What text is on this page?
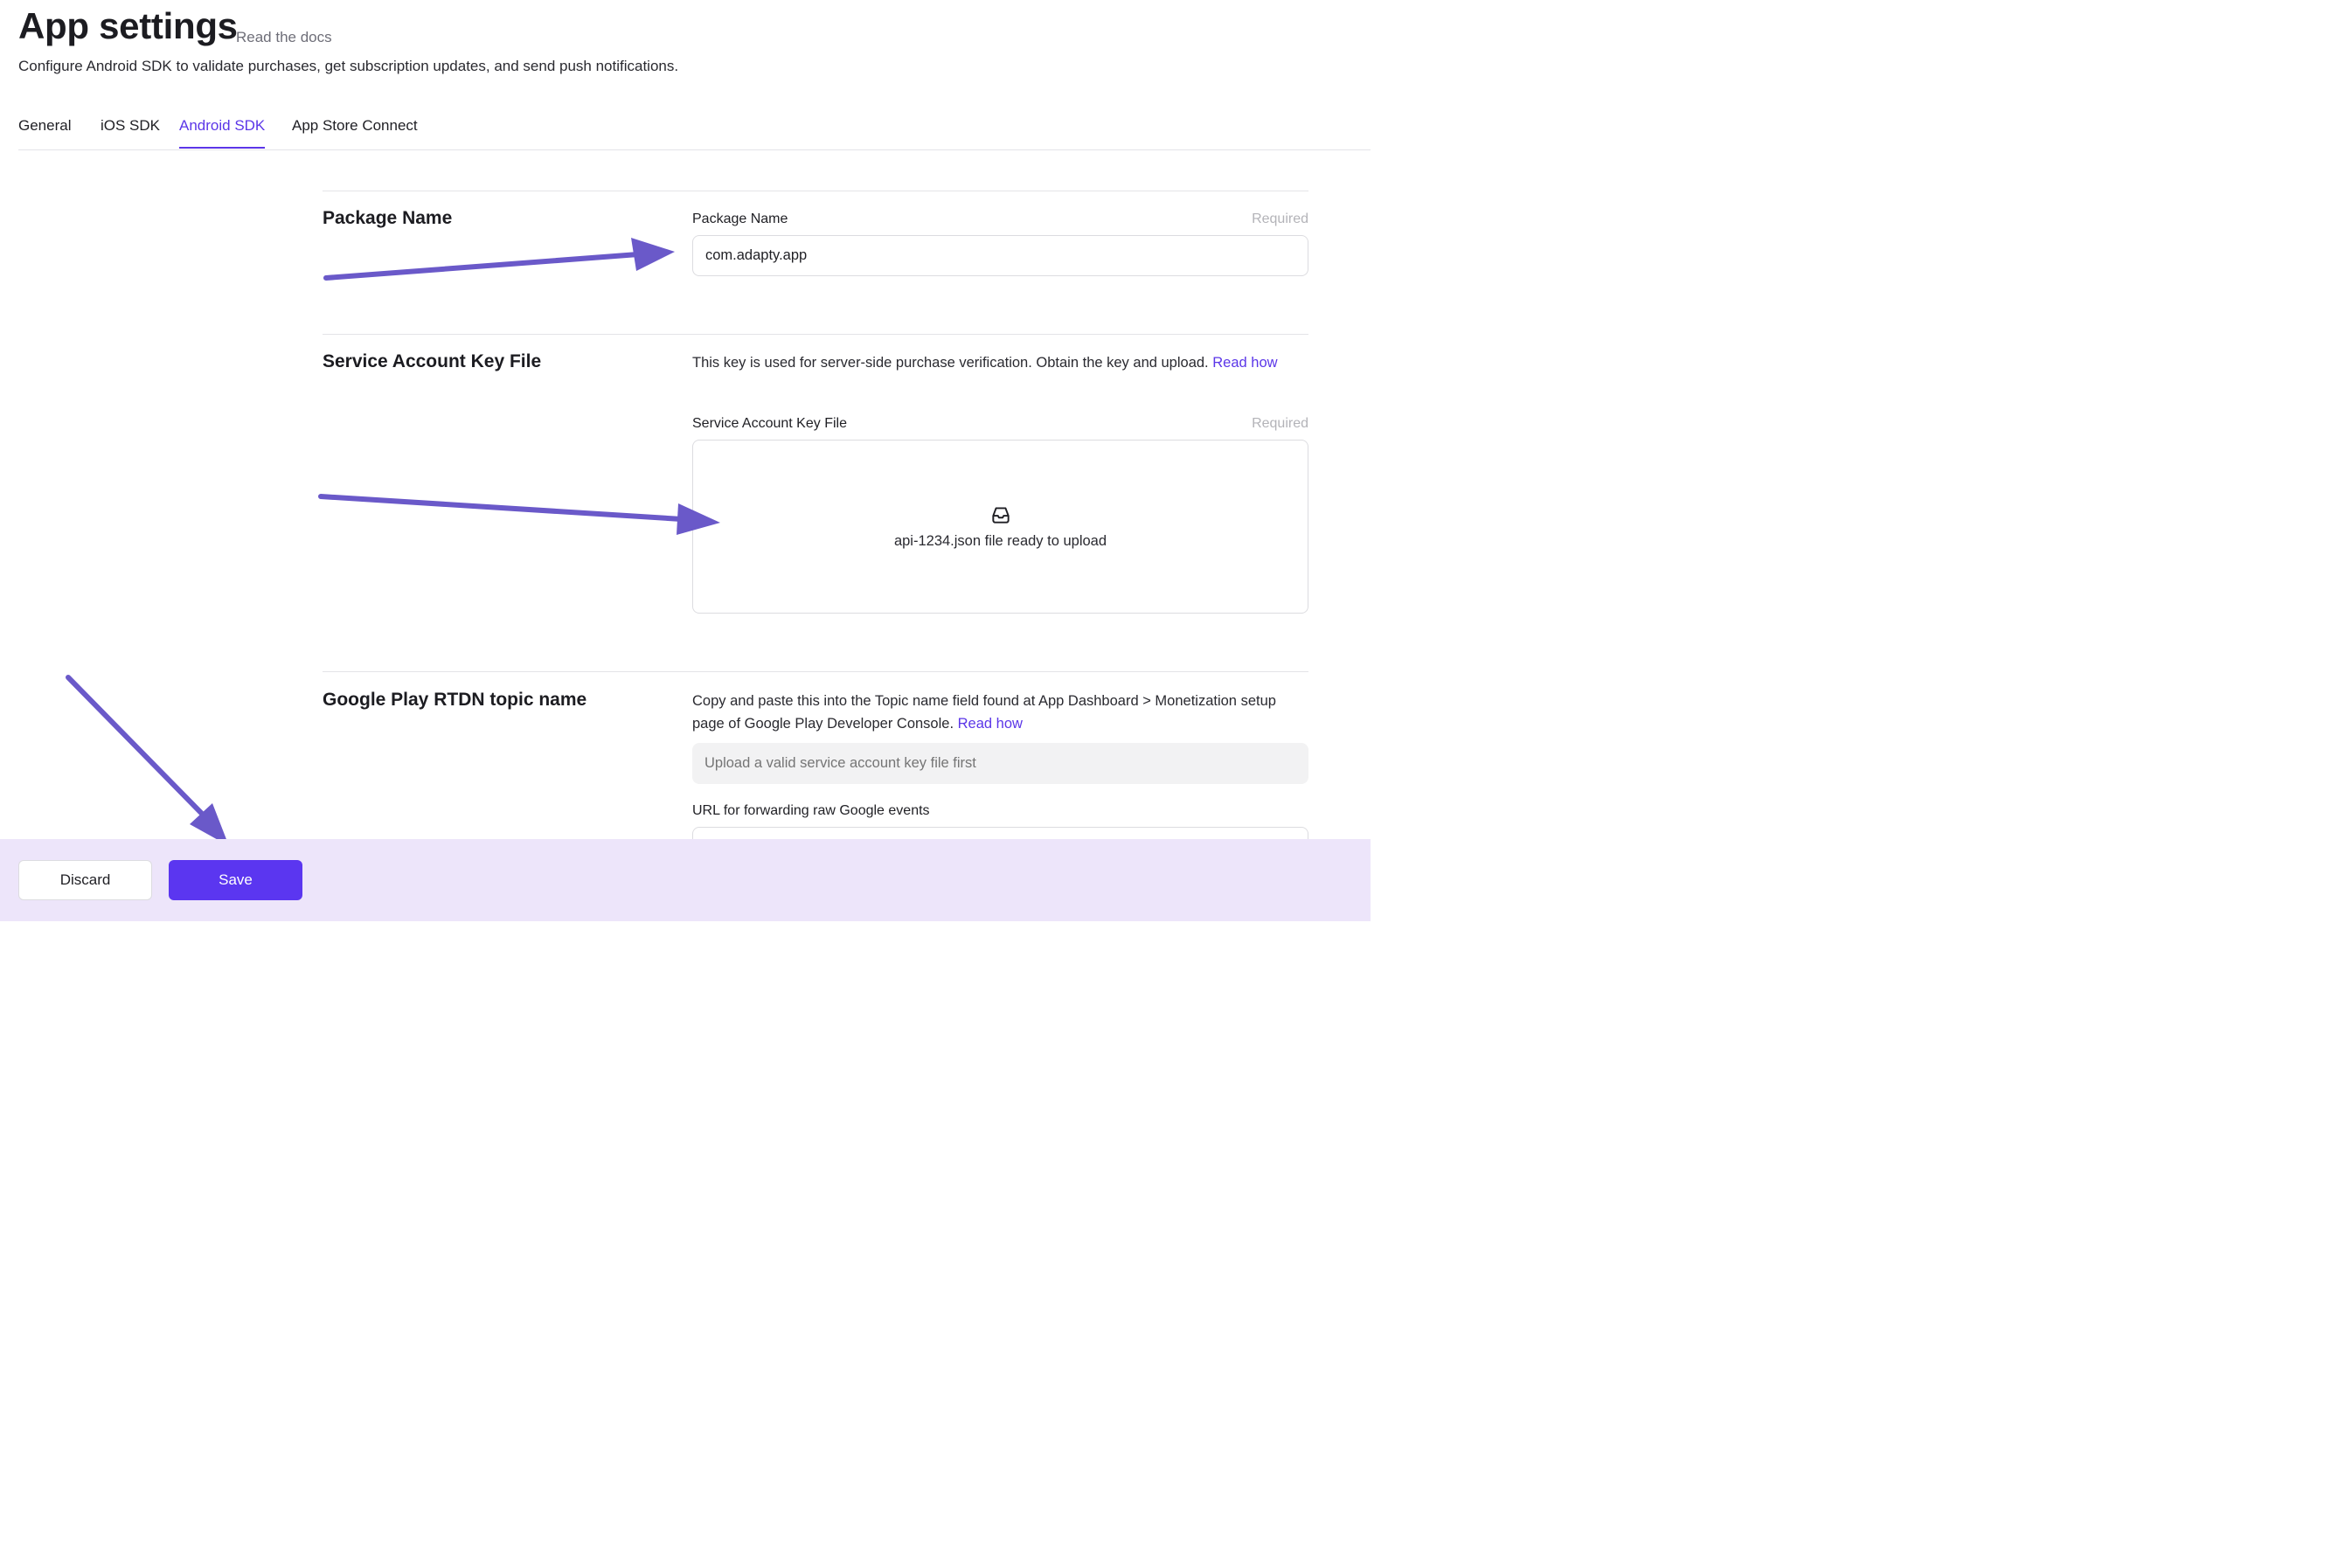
App settings
Read the docs

Configure Android SDK to validate purchases, get subscription updates, and send push notifications.

General iOS SDK Android SDK App Store Connect
Package Name	Package Name	Required
com.adapty.app
Service Account Key File	This key is used for server-side purchase verification. Obtain the key and upload. Read how

Service Account Key File	Required
api-1234.json file ready to upload
Google Play RTDN topic name	Copy and paste this into the Topic name field found at App Dashboard > Monetization setup page of Google Play Developer Console. Read how

Upload a valid service account key file first
URL for forwarding raw Google events
Discard	Save
